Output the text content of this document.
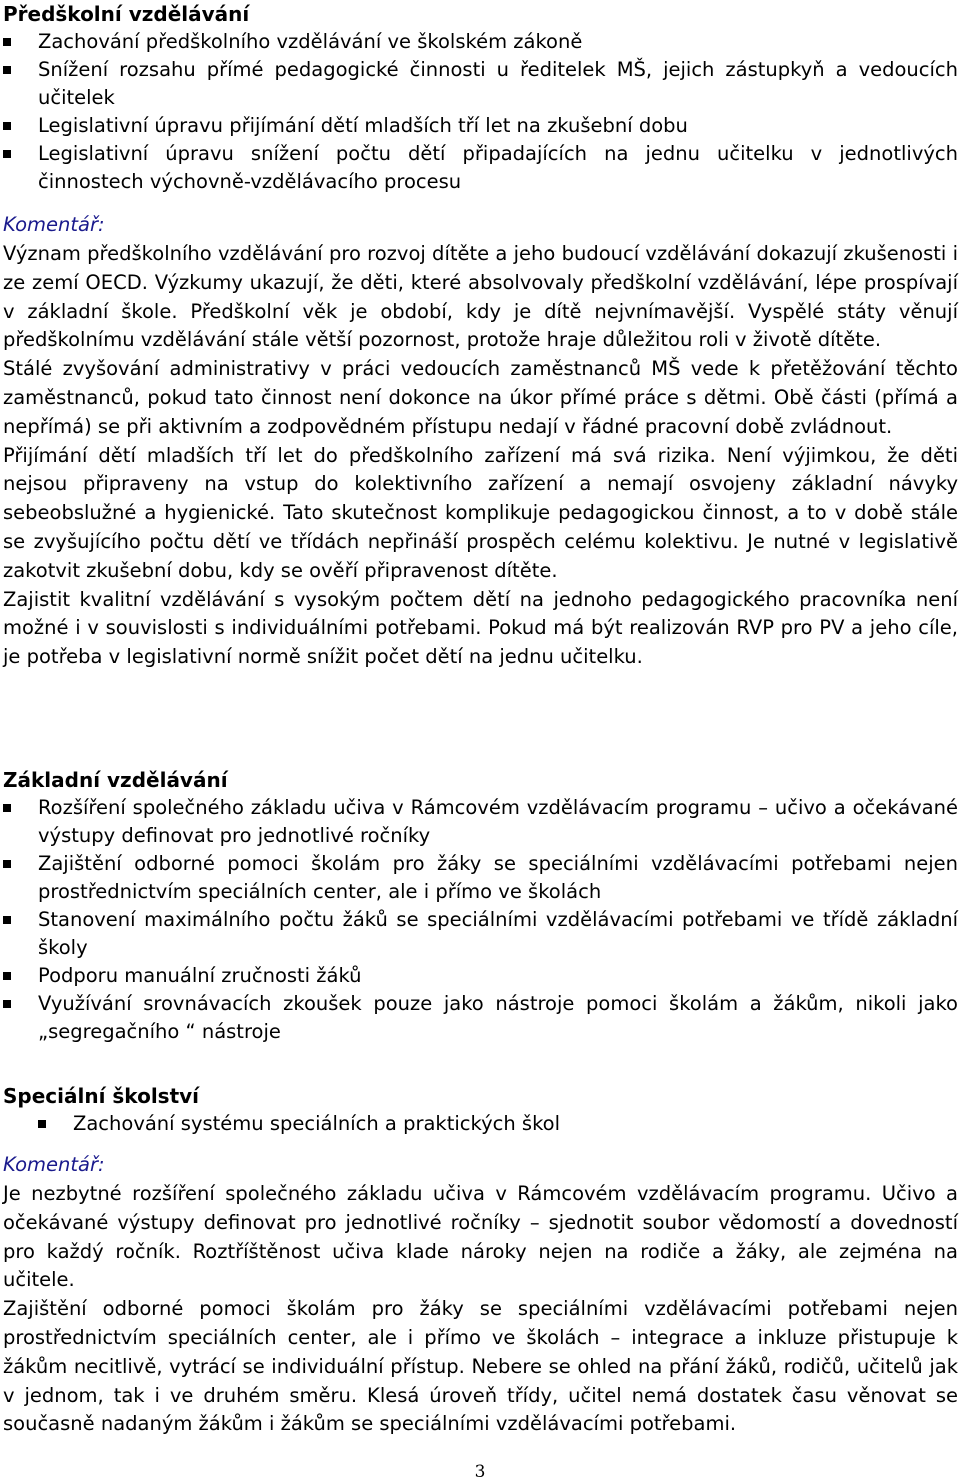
Předškolní vzdělávání
Zachování předškolního vzdělávání ve školském zákoně
Snížení rozsahu přímé pedagogické činnosti u ředitelek MŠ, jejich zástupkyň a vedoucích učitelek
Legislativní úpravu přijímání dětí mladších tří let na zkušební dobu
Legislativní úpravu snížení počtu dětí připadajících na jednu učitelku v jednotlivých činnostech výchovně-vzdělávacího procesu
Komentář:

Význam předškolního vzdělávání pro rozvoj dítěte a jeho budoucí vzdělávání dokazují zkušenosti i ze zemí OECD. Výzkumy ukazují, že děti, které absolvovaly předškolní vzdělávání, lépe prospívají v základní škole. Předškolní věk je období, kdy je dítě nejvnímavější. Vyspělé státy věnují předškolnímu vzdělávání stále větší pozornost, protože hraje důležitou roli v životě dítěte.

Stálé zvyšování administrativy v práci vedoucích zaměstnanců MŠ vede k přetěžování těchto zaměstnanců, pokud tato činnost není dokonce na úkor přímé práce s dětmi. Obě části (přímá a nepřímá) se při aktivním a zodpovědném přístupu nedají v řádné pracovní době zvládnout.

Přijímání dětí mladších tří let do předškolního zařízení má svá rizika. Není výjimkou, že děti nejsou připraveny na vstup do kolektivního zařízení a nemají osvojeny základní návyky sebeobslužné a hygienické. Tato skutečnost komplikuje pedagogickou činnost, a to v době stále se zvyšujícího počtu dětí ve třídách nepřináší prospěch celému kolektivu. Je nutné v legislativě zakotvit zkušební dobu, kdy se ověří připravenost dítěte.

Zajistit kvalitní vzdělávání s vysokým počtem dětí na jednoho pedagogického pracovníka není možné i v souvislosti s individuálními potřebami. Pokud má být realizován RVP pro PV a jeho cíle, je potřeba v legislativní normě snížit počet dětí na jednu učitelku.

Základní vzdělávání
Rozšíření společného základu učiva v Rámcovém vzdělávacím programu – učivo a očekávané výstupy definovat pro jednotlivé ročníky
Zajištění odborné pomoci školám pro žáky se speciálními vzdělávacími potřebami nejen prostřednictvím speciálních center, ale i přímo ve školách
Stanovení maximálního počtu žáků se speciálními vzdělávacími potřebami ve třídě základní školy
Podporu manuální zručnosti žáků
Využívání srovnávacích zkoušek pouze jako nástroje pomoci školám a žákům, nikoli jako „segregačního “ nástroje
Speciální školství
Zachování systému speciálních a praktických škol
Komentář:

Je nezbytné rozšíření společného základu učiva v Rámcovém vzdělávacím programu. Učivo a očekávané výstupy definovat pro jednotlivé ročníky – sjednotit soubor vědomostí a dovedností pro každý ročník. Roztříštěnost učiva klade nároky nejen na rodiče a žáky, ale zejména na učitele.

Zajištění odborné pomoci školám pro žáky se speciálními vzdělávacími potřebami nejen prostřednictvím speciálních center, ale i přímo ve školách – integrace a inkluze přistupuje k žákům necitlivě, vytrácí se individuální přístup. Nebere se ohled na přání žáků, rodičů, učitelů jak v jednom, tak i ve druhém směru. Klesá úroveň třídy, učitel nemá dostatek času věnovat se současně nadaným žákům i žákům se speciálními vzdělávacími potřebami.

3
